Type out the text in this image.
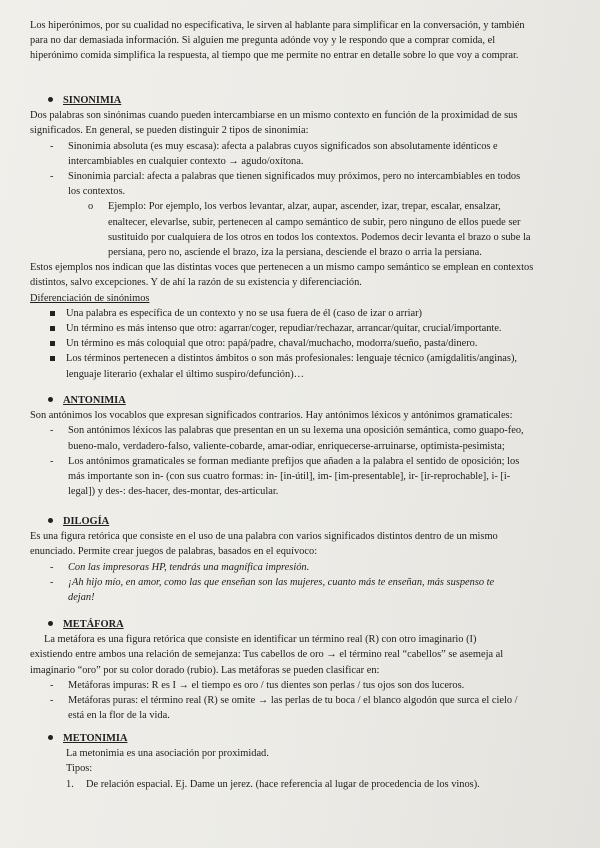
Los hiperónimos, por su cualidad no especificativa, le sirven al hablante para simplificar en la conversación, y también

para no dar demasiada información. Si alguien me pregunta adónde voy y le respondo que a comprar comida, el

hiperónimo comida simplifica la respuesta, al tiempo que me permite no entrar en detalle sobre lo que voy a comprar.

SINONIMIA

Dos palabras son sinónimas cuando pueden intercambiarse en un mismo contexto en función de la proximidad de sus

significados. En general, se pueden distinguir 2 tipos de sinonimia:

- Sinonimia absoluta (es muy escasa): afecta a palabras cuyos significados son absolutamente idénticos e

intercambiables en cualquier contexto → agudo/oxítona.

- Sinonimia parcial: afecta a palabras que tienen significados muy próximos, pero no intercambiables en todos

los contextos.

o Ejemplo: Por ejemplo, los verbos levantar, alzar, aupar, ascender, izar, trepar, escalar, ensalzar,

enaltecer, elevarlse, subir, pertenecen al campo semántico de subir, pero ninguno de ellos puede ser

sustituido por cualquiera de los otros en todos los contextos. Podemos decir levanta el brazo o sube la

persiana, pero no, asciende el brazo, iza la persiana, desciende el brazo o arria la persiana.

Estos ejemplos nos indican que las distintas voces que pertenecen a un mismo campo semántico se emplean en contextos

distintos, salvo excepciones. Y de ahí la razón de su existencia y diferenciación.

Diferenciación de sinónimos

Una palabra es específica de un contexto y no se usa fuera de él (caso de izar o arriar)

Un término es más intenso que otro: agarrar/coger, repudiar/rechazar, arrancar/quitar, crucial/importante.

Un término es más coloquial que otro: papá/padre, chaval/muchacho, modorra/sueño, pasta/dinero.

Los términos pertenecen a distintos ámbitos o son más profesionales: lenguaje técnico (amigdalitis/anginas),

lenguaje literario (exhalar el último suspiro/defunción)…

ANTONIMIA

Son antónimos los vocablos que expresan significados contrarios. Hay antónimos léxicos y antónimos gramaticales:

- Son antónimos léxicos las palabras que presentan en un su lexema una oposición semántica, como guapo-feo,

bueno-malo, verdadero-falso, valiente-cobarde, amar-odiar, enriquecerse-arruinarse, optimista-pesimista;

- Los antónimos gramaticales se forman mediante prefijos que añaden a la palabra el sentido de oposición; los

más importante son in- (con sus cuatro formas: in- [in-útil], im- [im-presentable], ir- [ir-reprochable], i- [i-

legal]) y des-: des-hacer, des-montar, des-articular.

DILOGÍA

Es una figura retórica que consiste en el uso de una palabra con varios significados distintos dentro de un mismo

enunciado. Permite crear juegos de palabras, basados en el equívoco:

- Con las impresoras HP, tendrás una magnífica impresión.

- ¡Ah hijo mío, en amor, como las que enseñan son las mujeres, cuanto más te enseñan, más suspenso te

dejan!

METÁFORA

La metáfora es una figura retórica que consiste en identificar un término real (R) con otro imaginario (I)

existiendo entre ambos una relación de semejanza: Tus cabellos de oro → el término real “cabellos” se asemeja al

imaginario “oro” por su color dorado (rubio). Las metáforas se pueden clasificar en:

- Metáforas impuras: R es I → el tiempo es oro / tus dientes son perlas / tus ojos son dos luceros.

- Metáforas puras: el término real (R) se omite → las perlas de tu boca / el blanco algodón que surca el cielo /

está en la flor de la vida.

METONIMIA

La metonimia es una asociación por proximidad.

Tipos:

1. De relación espacial. Ej. Dame un jerez. (hace referencia al lugar de procedencia de los vinos).
